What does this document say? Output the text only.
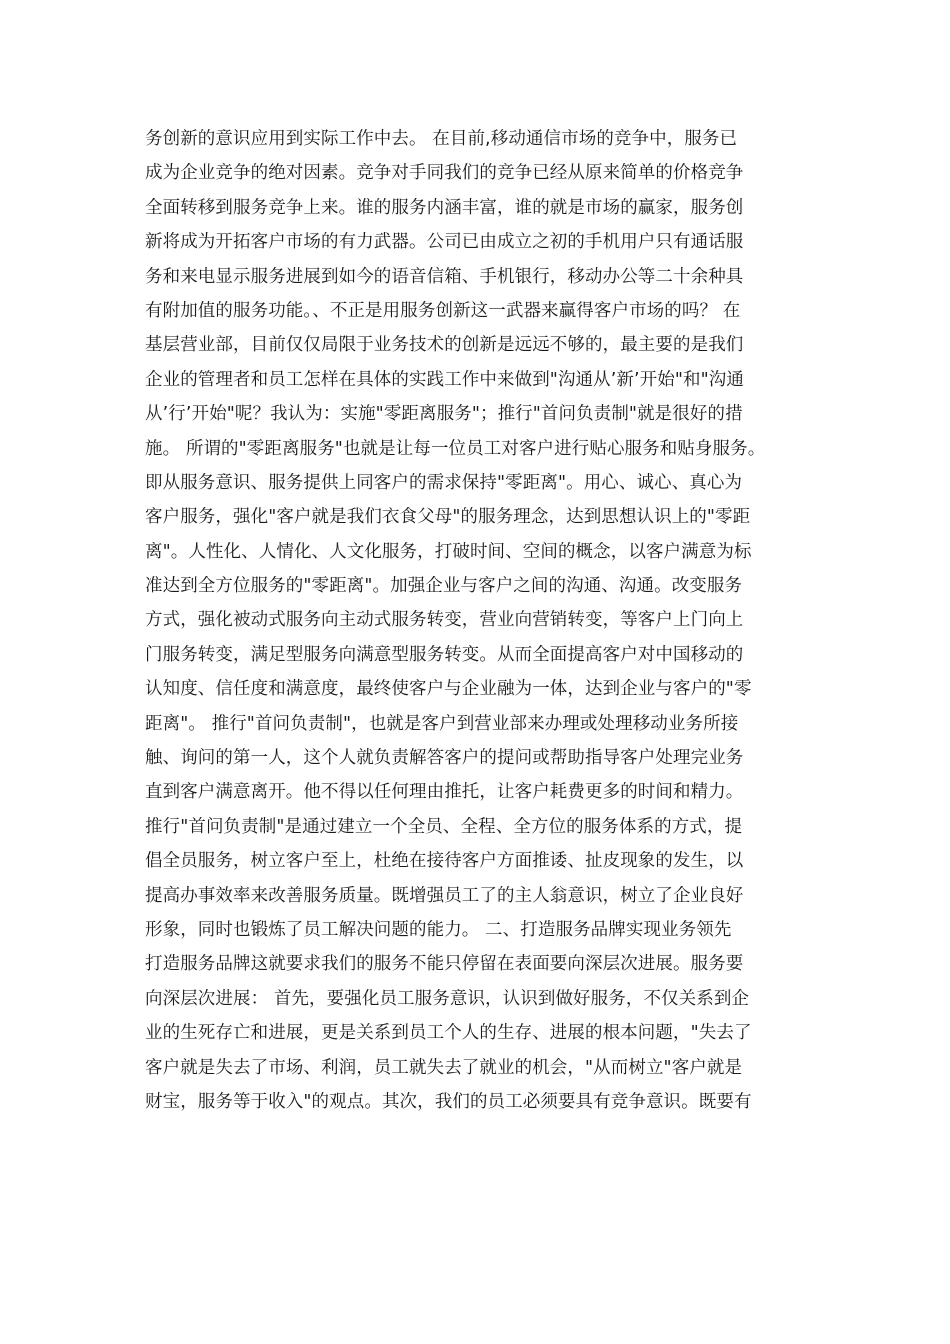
务创新的意识应用到实际工作中去。 在目前,移动通信市场的竞争中，服务已
成为企业竞争的绝对因素。竞争对手同我们的竞争已经从原来简单的价格竞争
全面转移到服务竞争上来。谁的服务内涵丰富，谁的就是市场的赢家，服务创
新将成为开拓客户市场的有力武器。公司已由成立之初的手机用户只有通话服
务和来电显示服务进展到如今的语音信箱、手机银行，移动办公等二十余种具
有附加值的服务功能。、不正是用服务创新这一武器来赢得客户市场的吗？ 在
基层营业部，目前仅仅局限于业务技术的创新是远远不够的，最主要的是我们
企业的管理者和员工怎样在具体的实践工作中来做到"沟通从’新’开始"和"沟通
从’行’开始"呢？我认为：实施"零距离服务"；推行"首问负责制"就是很好的措
施。 所谓的"零距离服务"也就是让每一位员工对客户进行贴心服务和贴身服务。
即从服务意识、服务提供上同客户的需求保持"零距离"。用心、诚心、真心为
客户服务，强化"客户就是我们衣食父母"的服务理念，达到思想认识上的"零距
离"。人性化、人情化、人文化服务，打破时间、空间的概念，以客户满意为标
准达到全方位服务的"零距离"。加强企业与客户之间的沟通、沟通。改变服务
方式，强化被动式服务向主动式服务转变，营业向营销转变，等客户上门向上
门服务转变，满足型服务向满意型服务转变。从而全面提高客户对中国移动的
认知度、信任度和满意度，最终使客户与企业融为一体，达到企业与客户的"零
距离"。 推行"首问负责制"，也就是客户到营业部来办理或处理移动业务所接
触、询问的第一人，这个人就负责解答客户的提问或帮助指导客户处理完业务
直到客户满意离开。他不得以任何理由推托，让客户耗费更多的时间和精力。
推行"首问负责制"是通过建立一个全员、全程、全方位的服务体系的方式，提
倡全员服务，树立客户至上，杜绝在接待客户方面推诿、扯皮现象的发生，以
提高办事效率来改善服务质量。既增强员工了的主人翁意识，树立了企业良好
形象，同时也锻炼了员工解决问题的能力。 二、打造服务品牌实现业务领先
打造服务品牌这就要求我们的服务不能只停留在表面要向深层次进展。服务要
向深层次进展： 首先，要强化员工服务意识，认识到做好服务，不仅关系到企
业的生死存亡和进展，更是关系到员工个人的生存、进展的根本问题，"失去了
客户就是失去了市场、利润，员工就失去了就业的机会，"从而树立"客户就是
财宝，服务等于收入"的观点。其次，我们的员工必须要具有竞争意识。既要有
